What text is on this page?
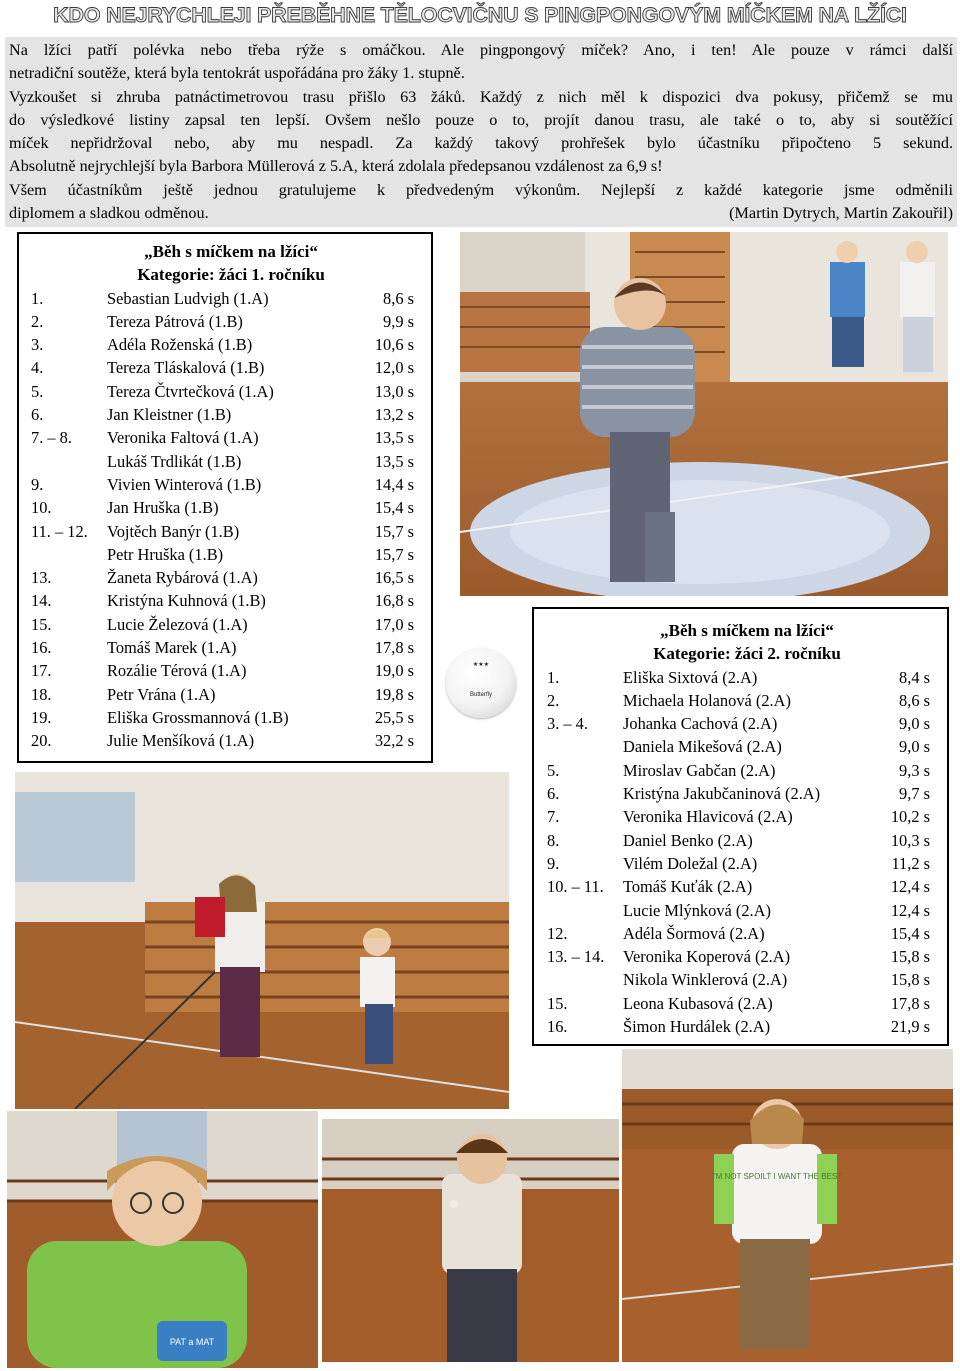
KDO NEJRYCHLEJI PŘEBĚHNE TĚLOCVIČNU S PINGPONGOVÝM MÍČKEM NA LŽÍCI

Na lžíci patří polévka nebo třeba rýže s omáčkou. Ale pingpongový míček? Ano, i ten! Ale pouze v rámci další

netradiční soutěže, která byla tentokrát uspořádána pro žáky 1. stupně.

Vyzkoušet si zhruba patnáctimetrovou trasu přišlo 63 žáků. Každý z nich měl k dispozici dva pokusy, přičemž se mu

do výsledkové listiny zapsal ten lepší. Ovšem nešlo pouze o to, projít danou trasu, ale také o to, aby si soutěžící

míček nepřidržoval nebo, aby mu nespadl. Za každý takový prohřešek bylo účastníku připočteno 5 sekund.

Absolutně nejrychlejší byla Barbora Müllerová z 5.A, která zdolala předepsanou vzdálenost za 6,9 s!

Všem účastníkům ještě jednou gratulujeme k předvedeným výkonům. Nejlepší z každé kategorie jsme odměnili

diplomem a sladkou odměnou.	(Martin Dytrych, Martin Zakouřil)

„Běh s míčkem na lžíci“
Kategorie: žáci 1. ročníku
1.	Sebastian Ludvigh (1.A)	8,6 s
2.	Tereza Pátrová (1.B)	9,9 s
3.	Adéla Roženská (1.B)	10,6 s
4.	Tereza Tláskalová (1.B)	12,0 s
5.	Tereza Čtvrtečková (1.A)	13,0 s
6.	Jan Kleistner (1.B)	13,2 s
7. – 8. Veronika Faltová (1.A)	13,5 s
Lukáš Trdlikát (1.B)	13,5 s
9.	Vivien Winterová (1.B)	14,4 s
10.	Jan Hruška (1.B)	15,4 s
11. – 12. Vojtěch Banýr (1.B)	15,7 s
Petr Hruška (1.B)	15,7 s
13.	Žaneta Rybárová (1.A)	16,5 s
14.	Kristýna Kuhnová (1.B)	16,8 s
15.	Lucie Železová (1.A)	17,0 s
16.	Tomáš Marek (1.A)	17,8 s
17.	Rozálie Térová (1.A)	19,0 s
18.	Petr Vrána (1.A)	19,8 s
19.	Eliška Grossmannová (1.B)	25,5 s
20.	Julie Menšíková (1.A)	32,2 s
★★★
Butterfly
„Běh s míčkem na lžíci“
Kategorie: žáci 2. ročníku
1.	Eliška Sixtová (2.A)	8,4 s
2.	Michaela Holanová (2.A)	8,6 s
3. – 4. Johanka Cachová (2.A)	9,0 s
Daniela Mikešová (2.A)	9,0 s
5.	Miroslav Gabčan (2.A)	9,3 s
6.	Kristýna Jakubčaninová (2.A)	9,7 s
7.	Veronika Hlavicová (2.A)	10,2 s
8.	Daniel Benko (2.A)	10,3 s
9.	Vilém Doležal (2.A)	11,2 s
10. – 11. Tomáš Kuťák (2.A)	12,4 s
Lucie Mlýnková (2.A)	12,4 s
12.	Adéla Šormová (2.A)	15,4 s
13. – 14. Veronika Koperová (2.A)	15,8 s
Nikola Winklerová (2.A)	15,8 s
15.	Leona Kubasová (2.A)	17,8 s
16.	Šimon Hurdálek (2.A)	21,9 s
I'M NOT SPOILT I WANT THE BEST
PAT a MAT
